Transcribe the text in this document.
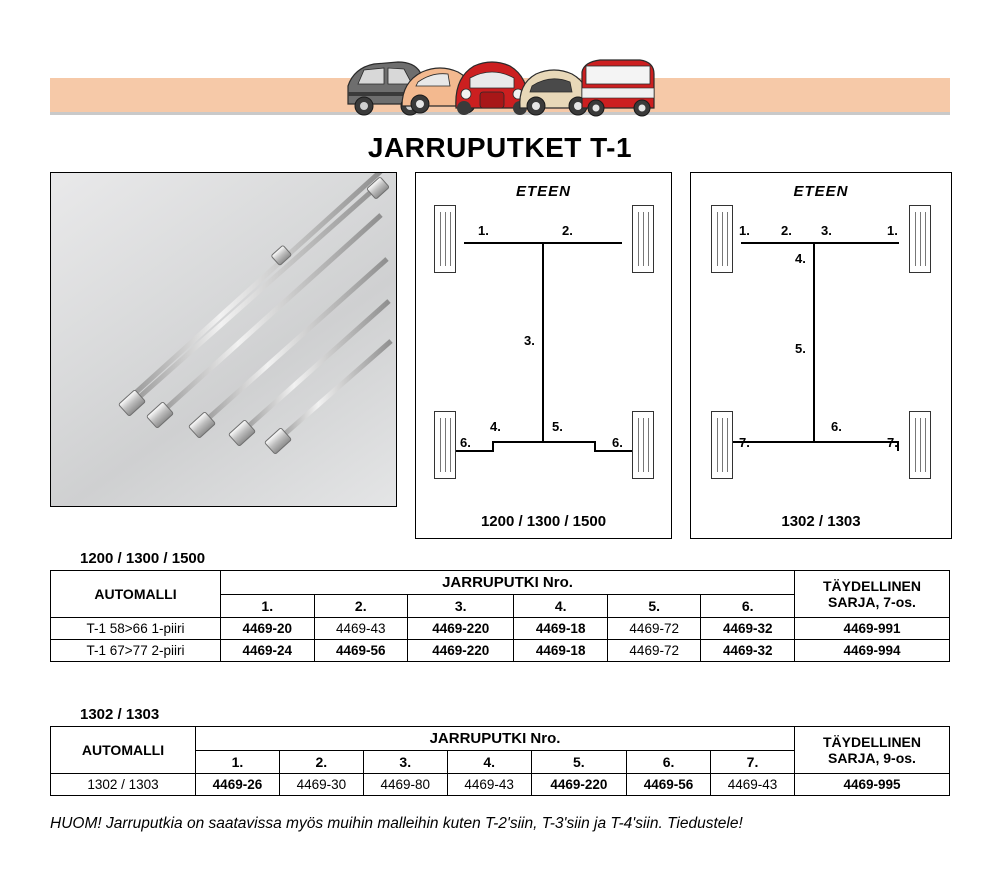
JARRUPUTKET T-1
ETEEN
1.	2.
3.
4.	5.
6.	6.
1200 / 1300 / 1500
ETEEN
1. 2. 3.	1.
4.
5.
7.
6.
7.
1302 / 1303
1200 / 1300 / 1500
AUTOMALLI	JARRUPUTKI Nro.						TÄYDELLINEN
SARJA, 7-os.
	1.	2.	3.	4.	5.	6.	
T-1 58>66 1-piiri	4469-20	4469-43	4469-220	4469-18	4469-72	4469-32	4469-991
T-1 67>77 2-piiri	4469-24	4469-56	4469-220	4469-18	4469-72	4469-32	4469-994
1302 / 1303
AUTOMALLI	JARRUPUTKI Nro.							TÄYDELLINEN
SARJA, 9-os.
	1.	2.	3.	4.	5.	6.	7.	
1302 / 1303	4469-26	4469-30	4469-80	4469-43	4469-220	4469-56	4469-43	4469-995
HUOM! Jarruputkia on saatavissa myös muihin malleihin kuten T-2'siin, T-3'siin ja T-4'siin. Tiedustele!
